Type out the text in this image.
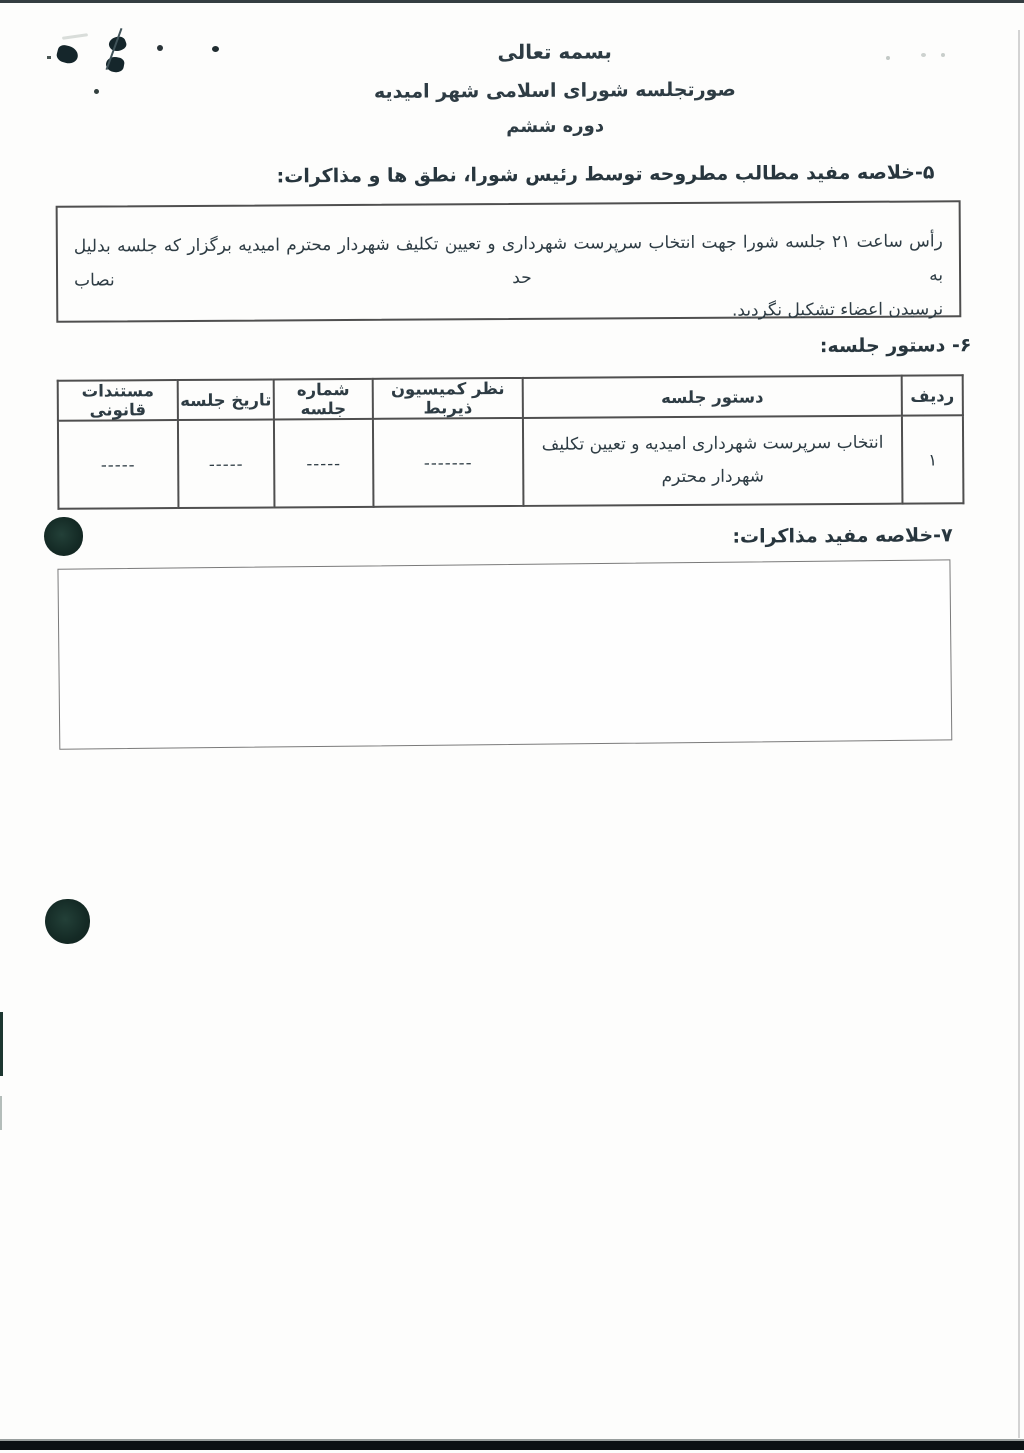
بسمه تعالی
صورتجلسه شورای اسلامی شهر امیدیه
دوره ششم
۵-خلاصه مفید مطالب مطروحه توسط رئیس شورا، نطق ها و مذاکرات:
رأس ساعت ۲۱ جلسه شورا جهت انتخاب سرپرست شهرداری و تعیین تکلیف شهردار محترم امیدیه برگزار که جلسه بدلیل به حد نصاب
نرسیدن اعضاء تشکیل نگردید.
۶- دستور جلسه:
ردیف	دستور جلسه	نظر کمیسیون ذیربط	شماره جلسه	تاریخ جلسه	مستندات قانونی
۱	انتخاب سرپرست شهرداری امیدیه و تعیین تکلیف
شهردار محترم	-------	-----	-----	-----
۷-خلاصه مفید مذاکرات:
